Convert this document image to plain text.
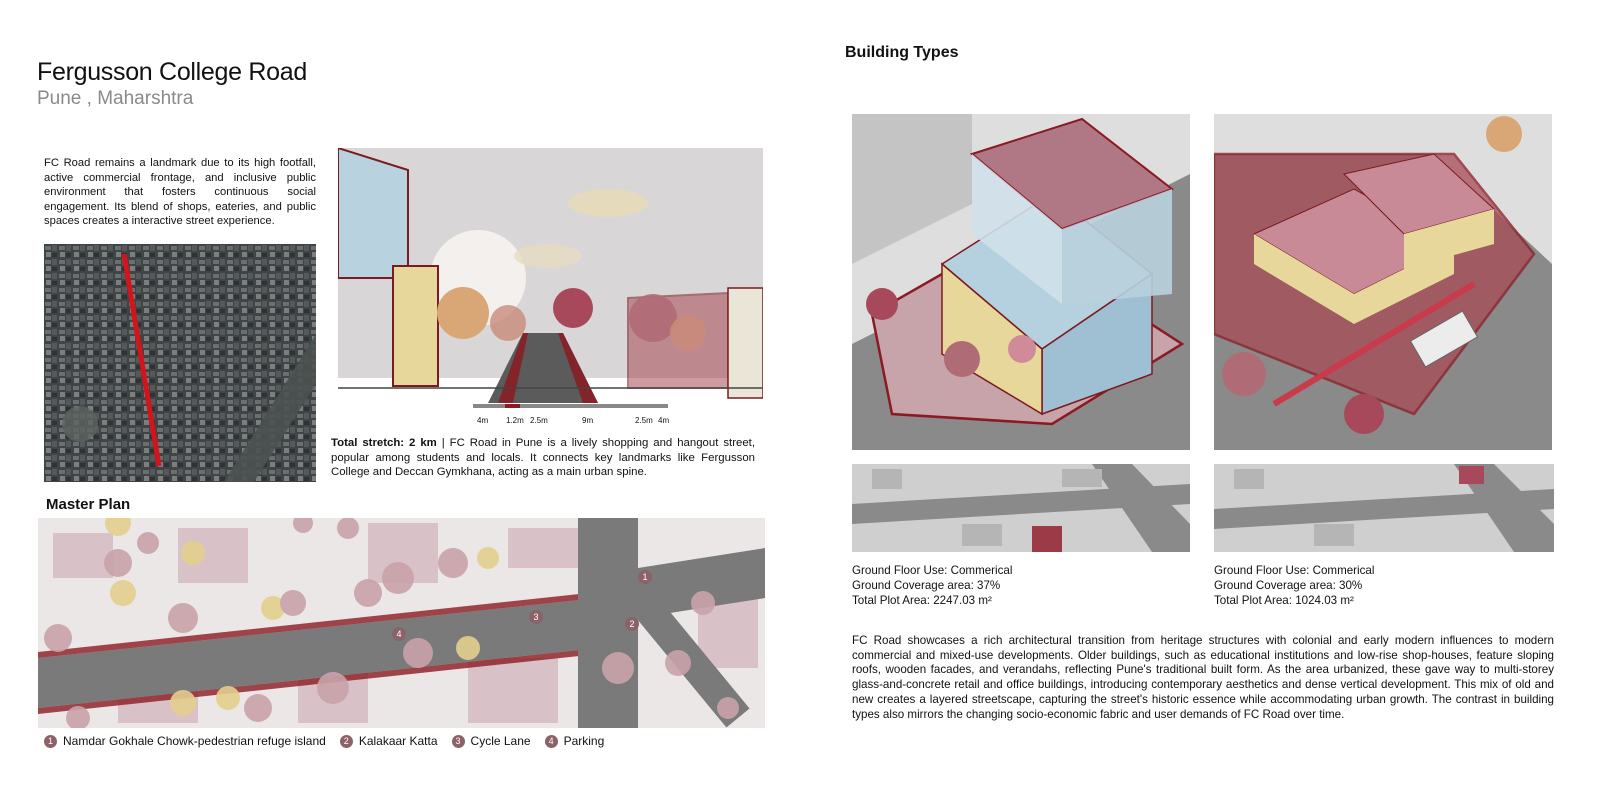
Fergusson College Road
Pune , Maharshtra
FC Road remains a landmark due to its high footfall, active commercial frontage, and inclusive public environment that fosters continuous social engagement. Its blend of shops, eateries, and public spaces creates a interactive street experience.
4m 1.2m 2.5m	9m	2.5m 4m
Total stretch: 2 km | FC Road in Pune is a lively shopping and hangout street, popular among students and locals. It connects key landmarks like Fergusson College and Deccan Gymkhana, acting as a main urban spine.
Master Plan
1
2
3
4
1 Namdar Gokhale Chowk-pedestrian refuge island	2 Kalakaar Katta	3 Cycle Lane	4 Parking
Building Types
Ground Floor Use: Commerical
Ground Coverage area: 37%
Total Plot Area: 2247.03 m²
Ground Floor Use: Commerical
Ground Coverage area: 30%
Total Plot Area: 1024.03 m²
FC Road showcases a rich architectural transition from heritage structures with colonial and early modern influences to modern commercial and mixed-use developments. Older buildings, such as educational institutions and low-rise shop-houses, feature sloping roofs, wooden facades, and verandahs, reflecting Pune's traditional built form. As the area urbanized, these gave way to multi-storey glass-and-concrete retail and office buildings, introducing contemporary aesthetics and dense vertical development. This mix of old and new creates a layered streetscape, capturing the street's historic essence while accommodating urban growth. The contrast in building types also mirrors the changing socio-economic fabric and user demands of FC Road over time.
